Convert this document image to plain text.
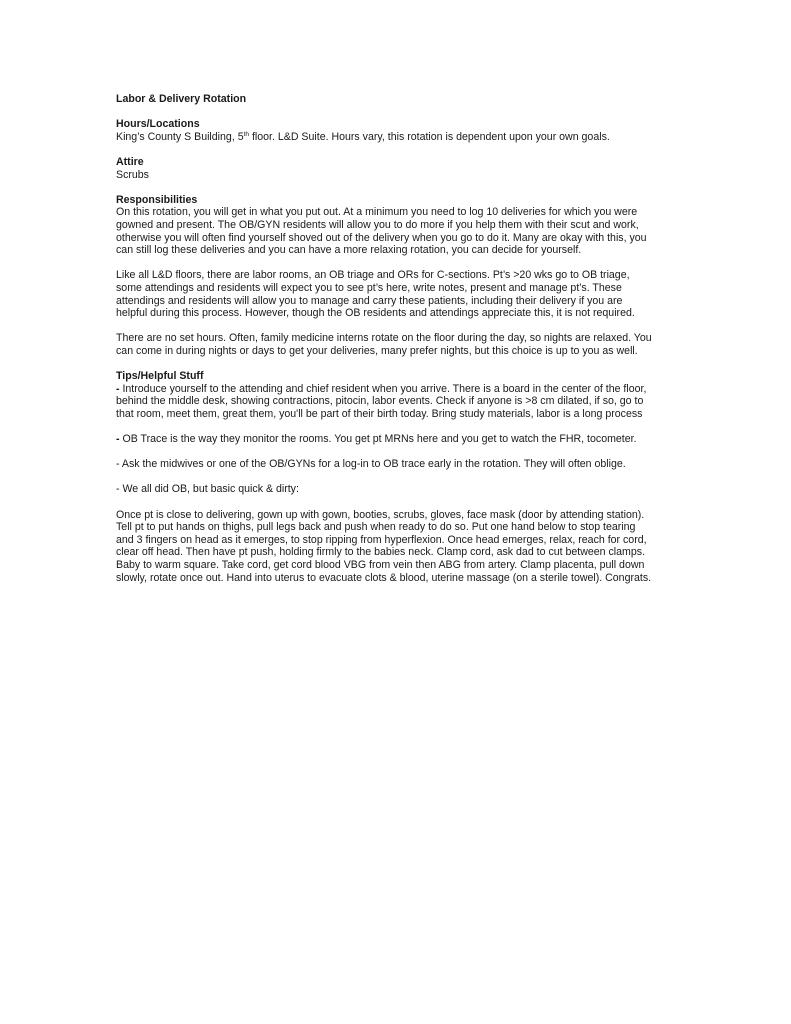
Labor & Delivery Rotation

Hours/Locations

King’s County S Building, 5th floor. L&D Suite. Hours vary, this rotation is dependent upon your own goals.

Attire

Scrubs

Responsibilities

On this rotation, you will get in what you put out. At a minimum you need to log 10 deliveries for which you were

gowned and present. The OB/GYN residents will allow you to do more if you help them with their scut and work,

otherwise you will often find yourself shoved out of the delivery when you go to do it. Many are okay with this, you

can still log these deliveries and you can have a more relaxing rotation, you can decide for yourself.

Like all L&D floors, there are labor rooms, an OB triage and ORs for C-sections. Pt’s >20 wks go to OB triage,

some attendings and residents will expect you to see pt’s here, write notes, present and manage pt’s. These

attendings and residents will allow you to manage and carry these patients, including their delivery if you are

helpful during this process. However, though the OB residents and attendings appreciate this, it is not required.

There are no set hours. Often, family medicine interns rotate on the floor during the day, so nights are relaxed. You

can come in during nights or days to get your deliveries, many prefer nights, but this choice is up to you as well.

Tips/Helpful Stuff

- Introduce yourself to the attending and chief resident when you arrive. There is a board in the center of the floor,

behind the middle desk, showing contractions, pitocin, labor events. Check if anyone is >8 cm dilated, if so, go to

that room, meet them, great them, you'll be part of their birth today. Bring study materials, labor is a long process

- OB Trace is the way they monitor the rooms. You get pt MRNs here and you get to watch the FHR, tocometer.

- Ask the midwives or one of the OB/GYNs for a log-in to OB trace early in the rotation. They will often oblige.

- We all did OB, but basic quick & dirty:

Once pt is close to delivering, gown up with gown, booties, scrubs, gloves, face mask (door by attending station).

Tell pt to put hands on thighs, pull legs back and push when ready to do so. Put one hand below to stop tearing

and 3 fingers on head as it emerges, to stop ripping from hyperflexion. Once head emerges, relax, reach for cord,

clear off head. Then have pt push, holding firmly to the babies neck. Clamp cord, ask dad to cut between clamps.

Baby to warm square. Take cord, get cord blood VBG from vein then ABG from artery. Clamp placenta, pull down

slowly, rotate once out. Hand into uterus to evacuate clots & blood, uterine massage (on a sterile towel). Congrats.
